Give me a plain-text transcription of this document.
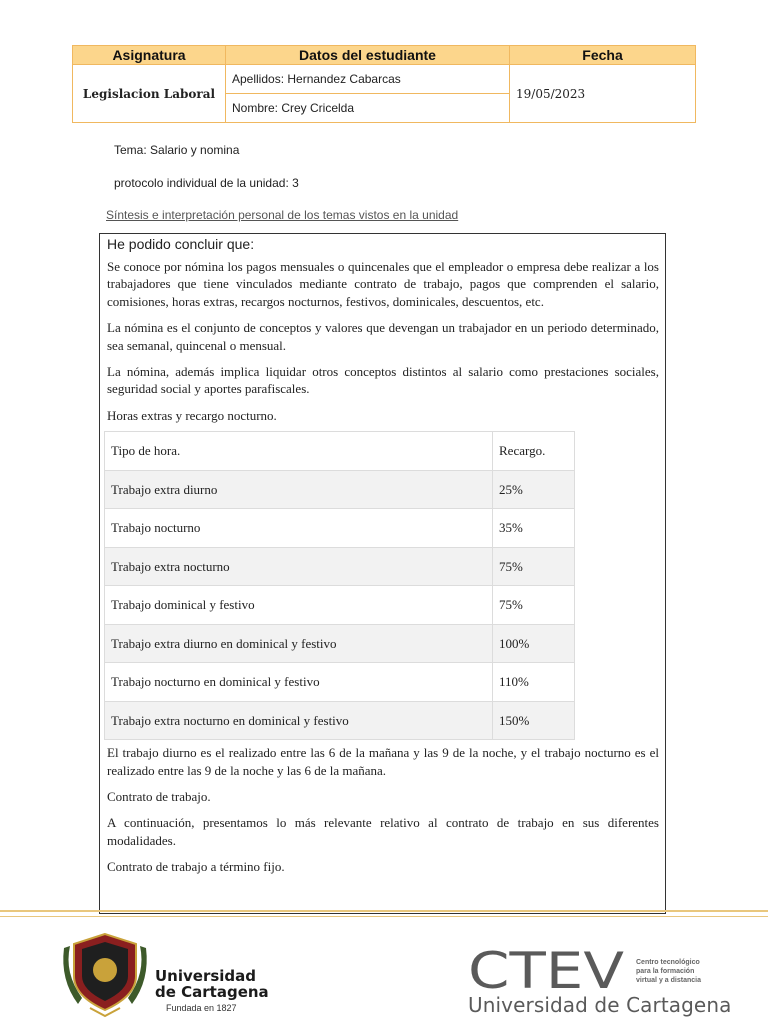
Asignatura	Datos del estudiante	Fecha
Legislacion Laboral	Apellidos: Hernandez Cabarcas	19/05/2023
	Nombre: Crey Cricelda	
Tema: Salario y nomina
protocolo individual de la unidad: 3
Síntesis e interpretación personal de los temas vistos en la unidad

He podido concluir que:

Se conoce por nómina los pagos mensuales o quincenales que el empleador o empresa debe realizar a los trabajadores que tiene vinculados mediante contrato de trabajo, pagos que comprenden el salario, comisiones, horas extras, recargos nocturnos, festivos, dominicales, descuentos, etc.

La nómina es el conjunto de conceptos y valores que devengan un trabajador en un periodo determinado, sea semanal, quincenal o mensual.

La nómina, además implica liquidar otros conceptos distintos al salario como prestaciones sociales, seguridad social y aportes parafiscales.

Horas extras y recargo nocturno.

Tipo de hora.	Recargo.
Trabajo extra diurno	25%
Trabajo nocturno	35%
Trabajo extra nocturno	75%
Trabajo dominical y festivo	75%
Trabajo extra diurno en dominical y festivo	100%
Trabajo nocturno en dominical y festivo	110%
Trabajo extra nocturno en dominical y festivo	150%

El trabajo diurno es el realizado entre las 6 de la mañana y las 9 de la noche, y el trabajo nocturno es el realizado entre las 9 de la noche y las 6 de la mañana.

Contrato de trabajo.

A continuación, presentamos lo más relevante relativo al contrato de trabajo en sus diferentes modalidades.

Contrato de trabajo a término fijo.

Universidad
de Cartagena
Fundada en 1827
CTEV Centro tecnológico
para la formación
virtual y a distancia
Universidad de Cartagena
